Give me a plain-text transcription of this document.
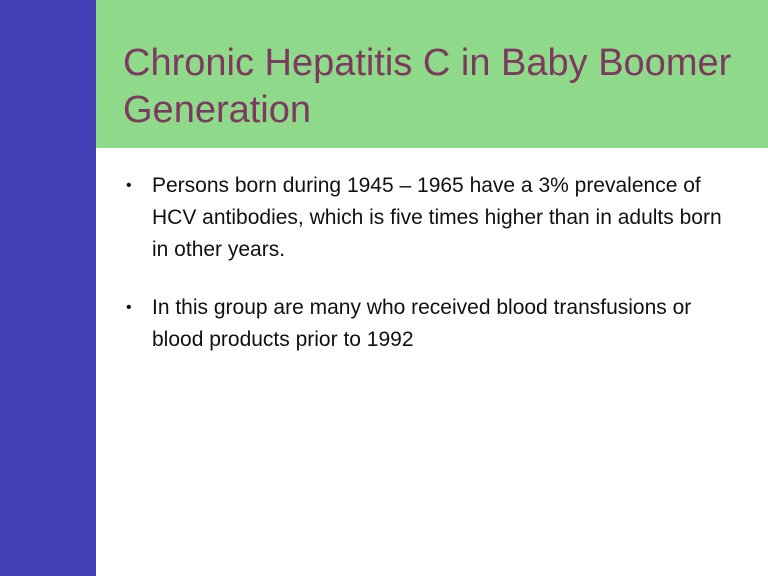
Chronic Hepatitis C in Baby Boomer Generation
• Persons born during 1945 – 1965 have a 3% prevalence of HCV antibodies, which is five times higher than in adults born in other years.
• In this group are many who received blood transfusions or blood products prior to 1992
